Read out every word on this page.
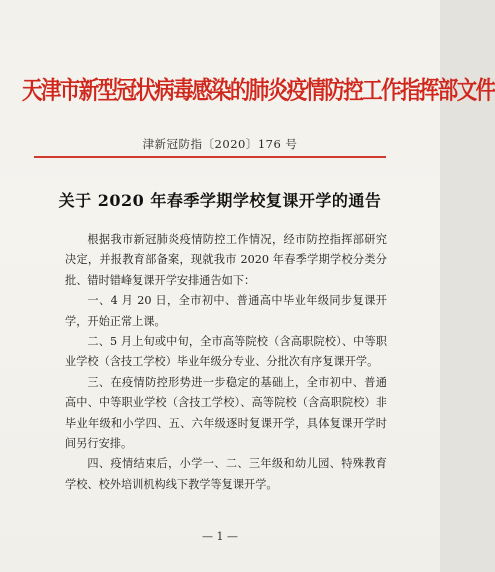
天津市新型冠状病毒感染的肺炎疫情防控工作指挥部文件
津新冠防指〔2020〕176 号
关于 2020 年春季学期学校复课开学的通告

根据我市新冠肺炎疫情防控工作情况，经市防控指挥部研究决定，并报教育部备案，现就我市 2020 年春季学期学校分类分批、错时错峰复课开学安排通告如下：

一、4 月 20 日，全市初中、普通高中毕业年级同步复课开学，开始正常上课。

二、5 月上旬或中旬，全市高等院校（含高职院校）、中等职业学校（含技工学校）毕业年级分专业、分批次有序复课开学。

三、在疫情防控形势进一步稳定的基础上，全市初中、普通高中、中等职业学校（含技工学校）、高等院校（含高职院校）非毕业年级和小学四、五、六年级逐时复课开学，具体复课开学时间另行安排。

四、疫情结束后，小学一、二、三年级和幼儿园、特殊教育学校、校外培训机构线下教学等复课开学。

— 1 —
